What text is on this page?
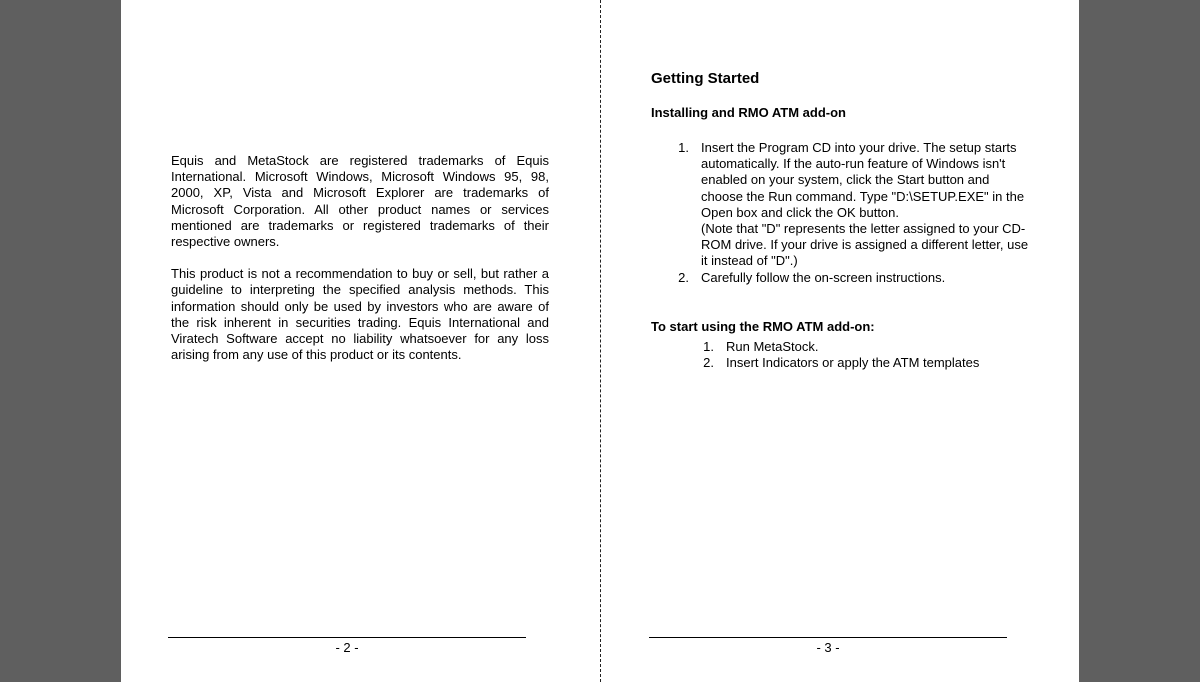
Equis and MetaStock are registered trademarks of Equis International. Microsoft Windows, Microsoft Windows 95, 98, 2000, XP, Vista and Microsoft Explorer are trademarks of Microsoft Corporation. All other product names or services mentioned are trademarks or registered trademarks of their respective owners.

This product is not a recommendation to buy or sell, but rather a guideline to interpreting the specified analysis methods. This information should only be used by investors who are aware of the risk inherent in securities trading. Equis International and Viratech Software accept no liability whatsoever for any loss arising from any use of this product or its contents.

- 2 -
Getting Started
Installing and RMO ATM add-on
1. Insert the Program CD into your drive. The setup starts automatically. If the auto-run feature of Windows isn't enabled on your system, click the Start button and choose the Run command. Type "D:\SETUP.EXE" in the Open box and click the OK button.
(Note that "D" represents the letter assigned to your CD-ROM drive. If your drive is assigned a different letter, use it instead of "D".)
2. Carefully follow the on-screen instructions.
To start using the RMO ATM add-on:
1. Run MetaStock.
2. Insert Indicators or apply the ATM templates
- 3 -
